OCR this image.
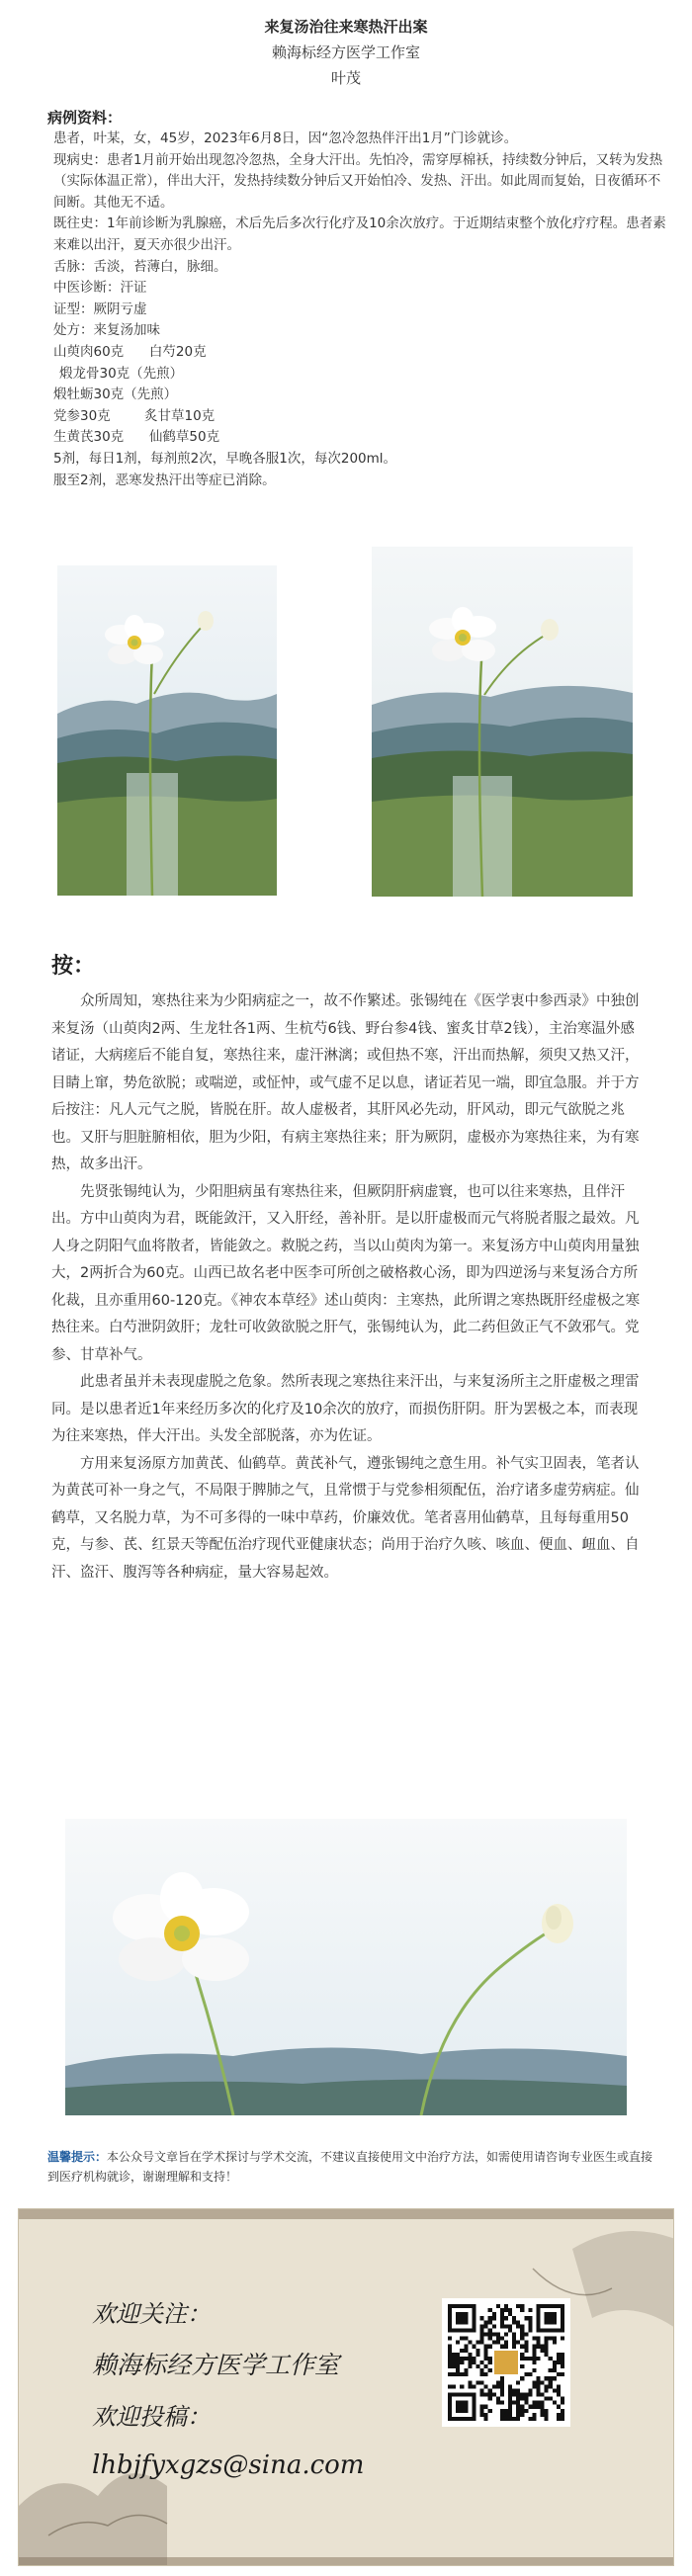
来复汤治往来寒热汗出案
赖海标经方医学工作室
叶茂
病例资料：

患者，叶某，女，45岁，2023年6月8日，因“忽冷忽热伴汗出1月”门诊就诊。

现病史：患者1月前开始出现忽冷忽热，全身大汗出。先怕冷，需穿厚棉袄，持续数分钟后，又转为发热（实际体温正常），伴出大汗，发热持续数分钟后又开始怕冷、发热、汗出。如此周而复始，日夜循环不间断。其他无不适。

既往史：1年前诊断为乳腺癌，术后先后多次行化疗及10余次放疗。于近期结束整个放化疗疗程。患者素来难以出汗，夏天亦很少出汗。

舌脉：舌淡，苔薄白，脉细。

中医诊断：汗证

证型：厥阴亏虚

处方：来复汤加味

山萸肉60克      白芍20克

煅龙骨30克（先煎）

煅牡蛎30克（先煎）

党参30克        炙甘草10克

生黄芪30克      仙鹤草50克

5剂，每日1剂，每剂煎2次，早晚各服1次，每次200ml。

服至2剂，恶寒发热汗出等症已消除。

按：

众所周知，寒热往来为少阳病症之一，故不作繁述。张锡纯在《医学衷中参西录》中独创来复汤（山萸肉2两、生龙牡各1两、生杭芍6钱、野台参4钱、蜜炙甘草2钱），主治寒温外感诸证，大病瘥后不能自复，寒热往来，虚汗淋漓；或但热不寒，汗出而热解，须臾又热又汗，目睛上窜，势危欲脱；或喘逆，或怔忡，或气虚不足以息，诸证若见一端，即宜急服。并于方后按注：凡人元气之脱，皆脱在肝。故人虚极者，其肝风必先动，肝风动，即元气欲脱之兆也。又肝与胆脏腑相依，胆为少阳，有病主寒热往来；肝为厥阴，虚极亦为寒热往来，为有寒热，故多出汗。

先贤张锡纯认为，少阳胆病虽有寒热往来，但厥阴肝病虚寰，也可以往来寒热，且伴汗出。方中山萸肉为君，既能敛汗，又入肝经，善补肝。是以肝虚极而元气将脱者服之最效。凡人身之阴阳气血将散者，皆能敛之。救脱之药，当以山萸肉为第一。来复汤方中山萸肉用量独大，2两折合为60克。山西已故名老中医李可所创之破格救心汤，即为四逆汤与来复汤合方所化裁，且亦重用60-120克。《神农本草经》述山萸肉：主寒热，此所谓之寒热既肝经虚极之寒热往来。白芍泄阴敛肝；龙牡可收敛欲脱之肝气，张锡纯认为，此二药但敛正气不敛邪气。党参、甘草补气。

此患者虽并未表现虚脱之危象。然所表现之寒热往来汗出，与来复汤所主之肝虚极之理雷同。是以患者近1年来经历多次的化疗及10余次的放疗，而损伤肝阴。肝为罢极之本，而表现为往来寒热，伴大汗出。头发全部脱落，亦为佐证。

方用来复汤原方加黄芪、仙鹤草。黄芪补气，遵张锡纯之意生用。补气实卫固表，笔者认为黄芪可补一身之气，不局限于脾肺之气，且常惯于与党参相须配伍，治疗诸多虚劳病症。仙鹤草，又名脱力草，为不可多得的一味中草药，价廉效优。笔者喜用仙鹤草，且每每重用50克，与参、芪、红景天等配伍治疗现代亚健康状态；尚用于治疗久咳、咳血、便血、衄血、自汗、盗汗、腹泻等各种病症，量大容易起效。

温馨提示：本公众号文章旨在学术探讨与学术交流，不建议直接使用文中治疗方法，如需使用请咨询专业医生或直接到医疗机构就诊，谢谢理解和支持！
欢迎关注：
赖海标经方医学工作室
欢迎投稿：
lhbjfyxgzs@sina.com
